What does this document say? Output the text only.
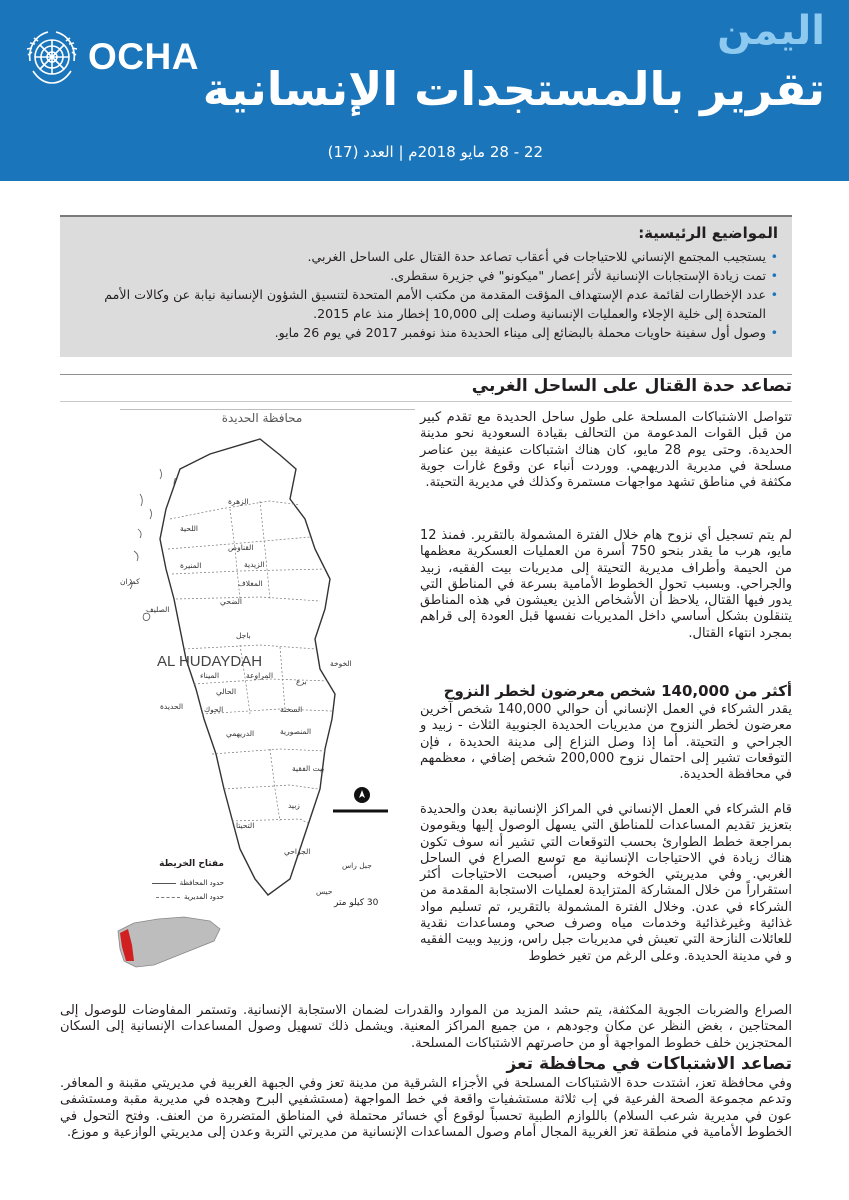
OCHA
اليمن
تقرير بالمستجدات الإنسانية
22 - 28 مايو 2018م | العدد (17)
المواضيع الرئيسية:
• يستجيب المجتمع الإنساني للاحتياجات في أعقاب تصاعد حدة القتال على الساحل الغربي.
• تمت زيادة الإستجابات الإنسانية لأثر إعصار "ميكونو" في جزيرة سقطرى.
• عدد الإخطارات لقائمة عدم الإستهداف المؤقت المقدمة من مكتب الأمم المتحدة لتنسيق الشؤون الإنسانية نيابة عن وكالات الأمم المتحدة إلى خلية الإجلاء والعمليات الإنسانية وصلت إلى 10,000 إخطار منذ عام 2015.
• وصول أول سفينة حاويات محملة بالبضائع إلى ميناء الحديدة منذ نوفمبر 2017 في يوم 26 مايو.
تصاعد حدة القتال على الساحل الغربي
محافظة الحديدة
الزهرة
اللحية
القناوص
المنيرة	الزيدية
كمران	المغلاف
الضحي
الصليف
باجل
الخوخة
الحوك
الدريهمي	المنصورية
بيت الفقية
زبيد
التحيتا
الجراحي
جبل راس
حيس
برع
المراوعة
الميناء
الحالي
الحديدة	السخنة
AL HUDAYDAH
مفتاح الخريطة
حدود المحافظة
حدود المديرية
30 كيلو متر
تتواصل الاشتباكات المسلحة على طول ساحل الحديدة مع تقدم كبير من قبل القوات المدعومة من التحالف بقيادة السعودية نحو مدينة الحديدة. وحتى يوم 28 مايو، كان هناك اشتباكات عنيفة بين عناصر مسلحة في مديرية الدريهمي. ووردت أنباء عن وقوع غارات جوية مكثفة في مناطق تشهد مواجهات مستمرة وكذلك في مديرية التحيتة.
لم يتم تسجيل أي نزوح هام خلال الفترة المشمولة بالتقرير. فمنذ 12 مايو، هرب ما يقدر بنحو 750 أسرة من العمليات العسكرية معظمها من الحيمة وأطراف مديرية التحيتة إلى مديريات بيت الفقيه، زبيد والجراحي. وبسبب تحول الخطوط الأمامية بسرعة في المناطق التي يدور فيها القتال، يلاحظ أن الأشخاص الذين يعيشون في هذه المناطق يتنقلون بشكل أساسي داخل المديريات نفسها قبل العودة إلى قراهم بمجرد انتهاء القتال.
أكثر من 140,000 شخص معرضون لخطر النزوح
يقدر الشركاء في العمل الإنساني أن حوالي 140,000 شخص آخرين معرضون لخطر النزوح من مديريات الحديدة الجنوبية الثلاث - زبيد و الجراحي و التحيتة. أما إذا وصل النزاع إلى مدينة الحديدة ، فإن التوقعات تشير إلى احتمال نزوح 200,000 شخص إضافي ، معظمهم في محافظة الحديدة.
قام الشركاء في العمل الإنساني في المراكز الإنسانية بعدن والحديدة بتعزيز تقديم المساعدات للمناطق التي يسهل الوصول إليها ويقومون بمراجعة خطط الطوارئ بحسب التوقعات التي تشير أنه سوف تكون هناك زيادة في الاحتياجات الإنسانية مع توسع الصراع في الساحل الغربي. وفي مديريتي الخوخه وحيس، أصبحت الاحتياجات أكثر استقراراً من خلال المشاركة المتزايدة لعمليات الاستجابة المقدمة من الشركاء في عدن. وخلال الفترة المشمولة بالتقرير، تم تسليم مواد غذائية وغيرغذائية وخدمات مياه وصرف صحي ومساعدات نقدية للعائلات النازحة التي تعيش في مديريات جبل راس، وزبيد وبيت الفقيه و في مدينة الحديدة. وعلى الرغم من تغير خطوط
الصراع والضربات الجوية المكثفة، يتم حشد المزيد من الموارد والقدرات لضمان الاستجابة الإنسانية. وتستمر المفاوضات للوصول إلى المحتاجين ، بغض النظر عن مكان وجودهم ، من جميع المراكز المعنية. ويشمل ذلك تسهيل وصول المساعدات الإنسانية إلى السكان المحتجزين خلف خطوط المواجهة أو من حاصرتهم الاشتباكات المسلحة.
تصاعد الاشتباكات في محافظة تعز
وفي محافظة تعز، اشتدت حدة الاشتباكات المسلحة في الأجزاء الشرقية من مدينة تعز وفي الجبهة الغربية في مديريتي مقبنة و المعافر. وتدعم مجموعة الصحة الفرعية في إب ثلاثة مستشفيات واقعة في خط المواجهة (مستشفيي البرح وهجده في مديرية مقبة ومستشفى عون في مديرية شرعب السلام) باللوازم الطبية تحسباً لوقوع أي خسائر محتملة في المناطق المتضررة من العنف. وفتح التحول في الخطوط الأمامية في منطقة تعز الغربية المجال أمام وصول المساعدات الإنسانية من مديرتي التربة وعدن إلى مديريتي الوازعية و موزع.
